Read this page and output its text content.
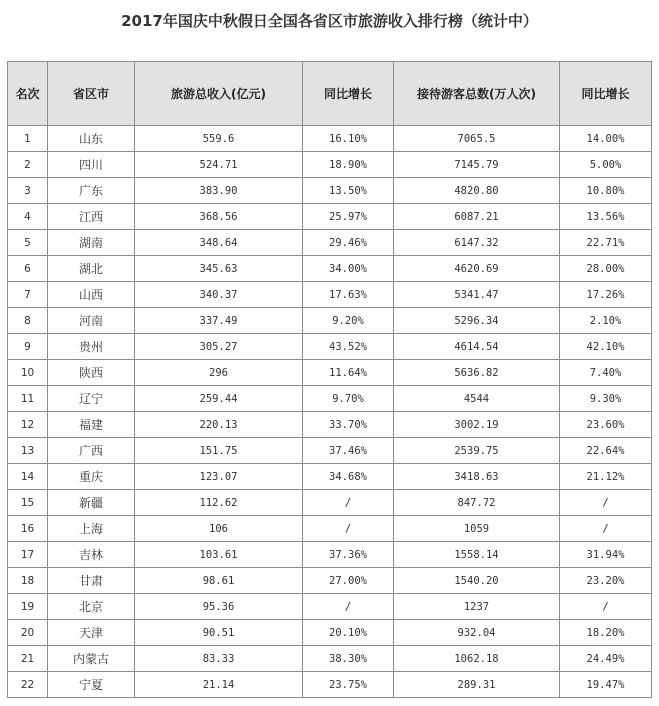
2017年国庆中秋假日全国各省区市旅游收入排行榜（统计中）
名次	省区市	旅游总收入(亿元)	同比增长	接待游客总数(万人次)	同比增长
1	山东	559.6	16.10%	7065.5	14.00%
2	四川	524.71	18.90%	7145.79	5.00%
3	广东	383.90	13.50%	4820.80	10.80%
4	江西	368.56	25.97%	6087.21	13.56%
5	湖南	348.64	29.46%	6147.32	22.71%
6	湖北	345.63	34.00%	4620.69	28.00%
7	山西	340.37	17.63%	5341.47	17.26%
8	河南	337.49	9.20%	5296.34	2.10%
9	贵州	305.27	43.52%	4614.54	42.10%
10	陕西	296	11.64%	5636.82	7.40%
11	辽宁	259.44	9.70%	4544	9.30%
12	福建	220.13	33.70%	3002.19	23.60%
13	广西	151.75	37.46%	2539.75	22.64%
14	重庆	123.07	34.68%	3418.63	21.12%
15	新疆	112.62	/	847.72	/
16	上海	106	/	1059	/
17	吉林	103.61	37.36%	1558.14	31.94%
18	甘肃	98.61	27.00%	1540.20	23.20%
19	北京	95.36	/	1237	/
20	天津	90.51	20.10%	932.04	18.20%
21	内蒙古	83.33	38.30%	1062.18	24.49%
22	宁夏	21.14	23.75%	289.31	19.47%
